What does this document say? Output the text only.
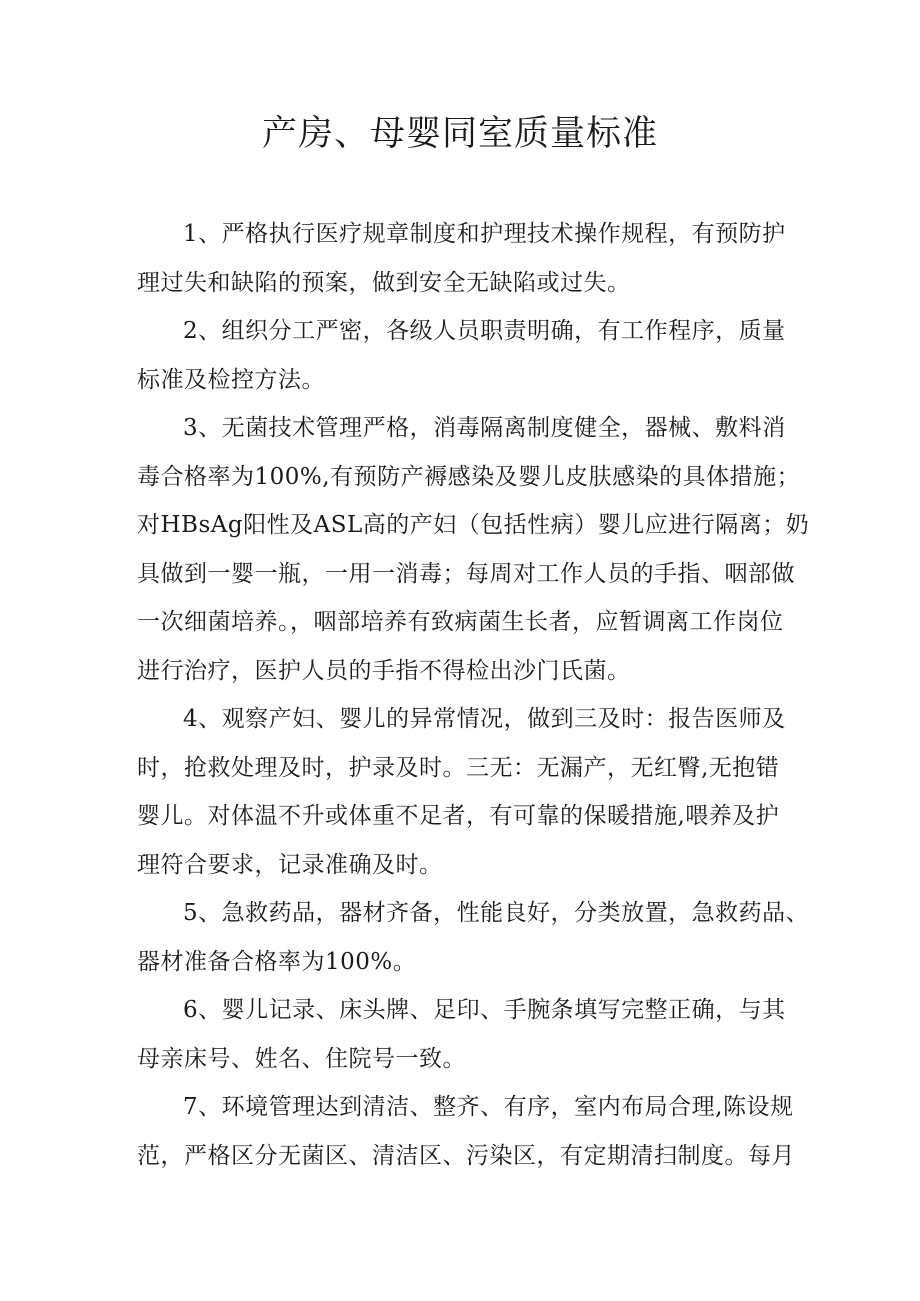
产房、母婴同室质量标准

1、严格执行医疗规章制度和护理技术操作规程，有预防护
理过失和缺陷的预案，做到安全无缺陷或过失。

2、组织分工严密，各级人员职责明确，有工作程序，质量
标准及检控方法。

3、无菌技术管理严格，消毒隔离制度健全，器械、敷料消
毒合格率为100%,有预防产褥感染及婴儿皮肤感染的具体措施；
对HBsAg阳性及ASL高的产妇（包括性病）婴儿应进行隔离；奶
具做到一婴一瓶，一用一消毒；每周对工作人员的手指、咽部做
一次细菌培养。，咽部培养有致病菌生长者，应暂调离工作岗位
进行治疗，医护人员的手指不得检出沙门氏菌。

4、观察产妇、婴儿的异常情况，做到三及时：报告医师及
时，抢救处理及时，护录及时。三无：无漏产，无红臀,无抱错
婴儿。对体温不升或体重不足者，有可靠的保暖措施,喂养及护
理符合要求，记录准确及时。

5、急救药品，器材齐备，性能良好，分类放置，急救药品、
器材准备合格率为100%。

6、婴儿记录、床头牌、足印、手腕条填写完整正确，与其
母亲床号、姓名、住院号一致。

7、环境管理达到清洁、整齐、有序，室内布局合理,陈设规
范，严格区分无菌区、清洁区、污染区，有定期清扫制度。每月
